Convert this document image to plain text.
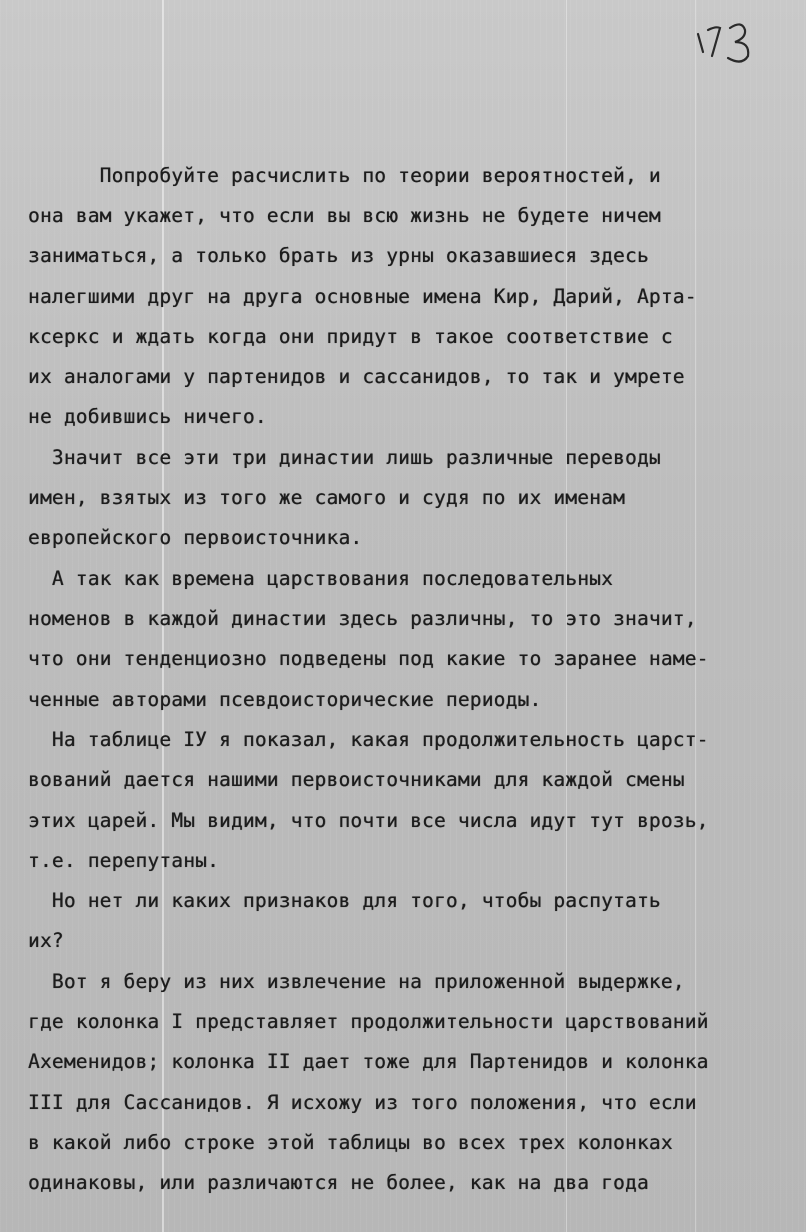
Попробуйте расчислить по теории вероятностей, и
она вам укажет, что если вы всю жизнь не будете ничем
заниматься, а только брать из урны оказавшиеся здесь
налегшими друг на друга основные имена Кир, Дарий, Арта-
ксеркс и ждать когда они придут в такое соответствие с
их аналогами у партенидов и сассанидов, то так и умрете
не добившись ничего.
Значит все эти три династии лишь различные переводы
имен, взятых из того же самого и судя по их именам
европейского первоисточника.
А так как времена царствования последовательных
номенов в каждой династии здесь различны, то это значит,
что они тенденциозно подведены под какие то заранее наме-
ченные авторами псевдоисторические периоды.
На таблице IУ я показал, какая продолжительность царст-
вований дается нашими первоисточниками для каждой смены
этих царей. Мы видим, что почти все числа идут тут врозь,
т.е. перепутаны.
Но нет ли каких признаков для того, чтобы распутать
их?
Вот я беру из них извлечение на приложенной выдержке,
где колонка I представляет продолжительности царствований
Ахеменидов; колонка II дает тоже для Партенидов и колонка
III для Сассанидов. Я исхожу из того положения, что если
в какой либо строке этой таблицы во всех трех колонках
одинаковы, или различаются не более, как на два года
